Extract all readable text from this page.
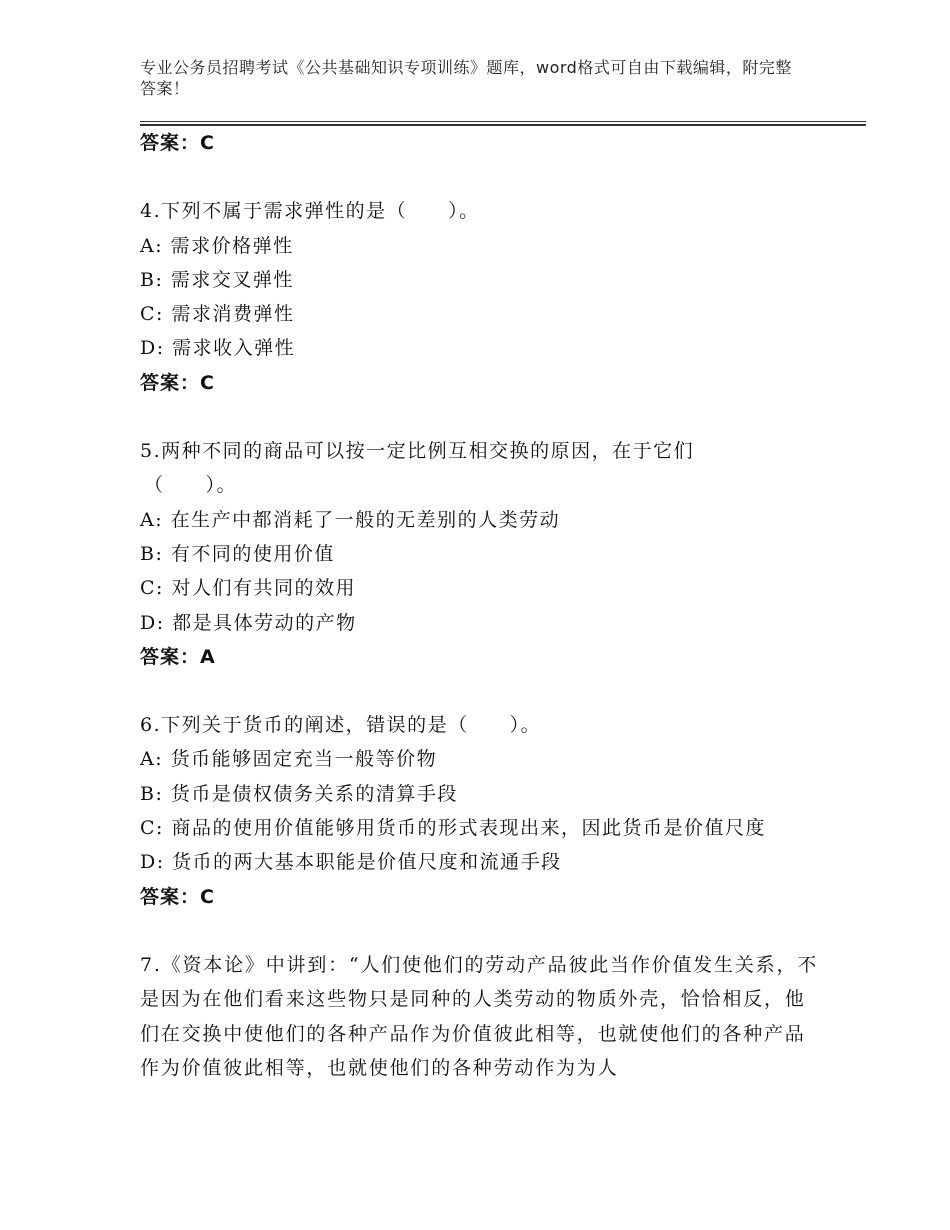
专业公务员招聘考试《公共基础知识专项训练》题库，word格式可自由下载编辑，附完整答案！
答案：C
4.下列不属于需求弹性的是（　　）。
A: 需求价格弹性
B: 需求交叉弹性
C: 需求消费弹性
D: 需求收入弹性
答案：C
5.两种不同的商品可以按一定比例互相交换的原因，在于它们
（　　）。
A: 在生产中都消耗了一般的无差别的人类劳动
B: 有不同的使用价值
C: 对人们有共同的效用
D: 都是具体劳动的产物
答案：A
6.下列关于货币的阐述，错误的是（　　）。
A: 货币能够固定充当一般等价物
B: 货币是债权债务关系的清算手段
C: 商品的使用价值能够用货币的形式表现出来，因此货币是价值尺度
D: 货币的两大基本职能是价值尺度和流通手段
答案：C
7.《资本论》中讲到：“人们使他们的劳动产品彼此当作价值发生关系，不是因为在他们看来这些物只是同种的人类劳动的物质外壳，恰恰相反，他们在交换中使他们的各种产品作为价值彼此相等，也就使他们的各种产品作为价值彼此相等，也就使他们的各种劳动作为为人
